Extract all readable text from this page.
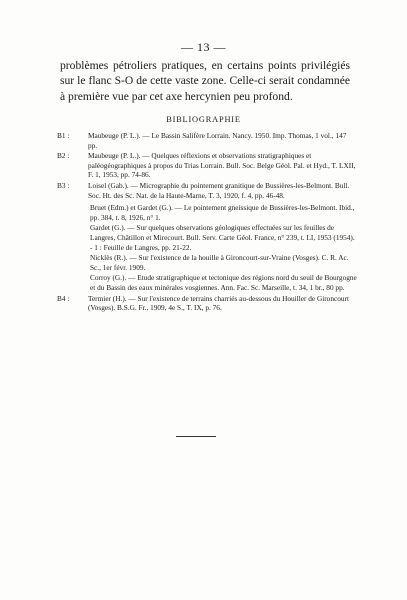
— 13 —
problèmes pétroliers pratiques, en certains points privilégiés sur le flanc S-O de cette vaste zone. Celle-ci serait condamnée à première vue par cet axe hercynien peu profond.
BIBLIOGRAPHIE
B1 :	Maubeuge (P. L.). — Le Bassin Salifère Lorrain. Nancy. 1950. Imp. Thomas, 1 vol., 147 pp.
B2 :	Maubeuge (P. L.). — Quelques réflexions et observations stratigraphiques et paléogéographiques à propos du Trias Lorrain. Bull. Soc. Belge Géol. Pal. et Hyd., T. LXII, F. 1, 1953, pp. 74-86.
B3 :	Loisel (Gab.). — Micrographie du pointement granitique de Bussières-les-Belmont. Bull. Soc. Ht. des Sc. Nat. de la Haute-Marne, T. 3, 1920, f. 4, pp. 46-48.
Bruet (Edm.) et Gardet (G.). — Le pointement gneissique de Bussières-les-Belmont. Ibid., pp. 384, t. 8, 1926, n° 1.
Gardet (G.). — Sur quelques observations géologiques effectuées sur les feuilles de Langres, Châtillon et Mirecourt. Bull. Serv. Carte Géol. France, n° 239, t. LI, 1953 (1954). - 1 : Feuille de Langres, pp. 21-22.
Nicklès (R.). — Sur l'existence de la houille à Gironcourt-sur-Vraine (Vosges). C. R. Ac. Sc., 1er févr. 1909.
Corroy (G.). — Etude stratigraphique et tectonique des régions nord du seuil de Bourgogne et du Bassin des eaux minérales vosgiennes. Ann. Fac. Sc. Marseille, t. 34, 1 br., 80 pp.
B4 :	Termier (H.). — Sur l'existence de terrains charriés au-dessous du Houiller de Gironcourt (Vosges). B.S.G. Fr., 1909, 4e S., T. IX, p. 76.
